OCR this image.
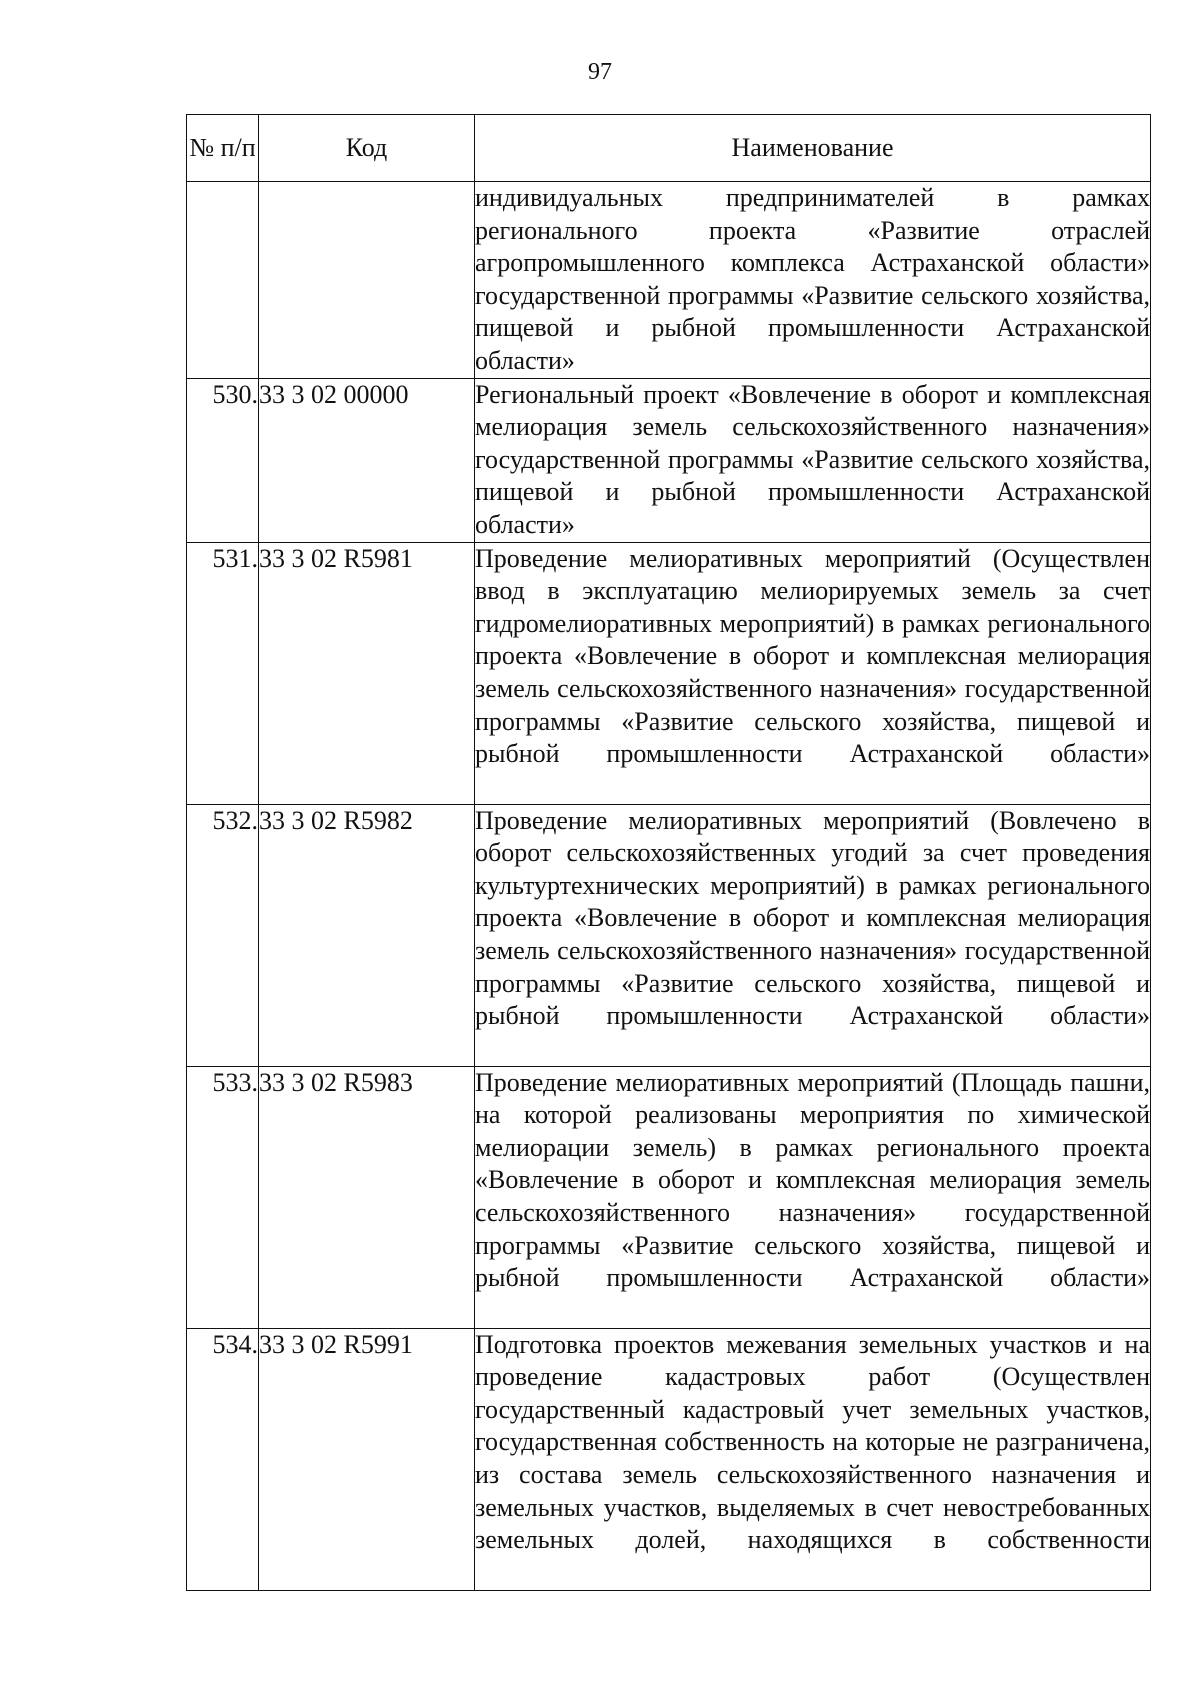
97
№ п/п	Код	Наименование
		индивидуальных предпринимателей в рамках регионального проекта «Развитие отраслей агропромышленного комплекса Астраханской области» государственной программы «Развитие сельского хозяйства, пищевой и рыбной промышленности Астраханской области»
530.	33 3 02 00000	Региональный проект «Вовлечение в оборот и комплексная мелиорация земель сельскохозяйственного назначения» государственной программы «Развитие сельского хозяйства, пищевой и рыбной промышленности Астраханской области»
531.	33 3 02 R5981	Проведение мелиоративных мероприятий (Осуществлен ввод в эксплуатацию мелиорируемых земель за счет гидромелиоративных мероприятий) в рамках регионального проекта «Вовлечение в оборот и комплексная мелиорация земель сельскохозяйственного назначения» государственной программы «Развитие сельского хозяйства, пищевой и рыбной промышленности Астраханской области»
532.	33 3 02 R5982	Проведение мелиоративных мероприятий (Вовлечено в оборот сельскохозяйственных угодий за счет проведения культуртехнических мероприятий) в рамках регионального проекта «Вовлечение в оборот и комплексная мелиорация земель сельскохозяйственного назначения» государственной программы «Развитие сельского хозяйства, пищевой и рыбной промышленности Астраханской области»
533.	33 3 02 R5983	Проведение мелиоративных мероприятий (Площадь пашни, на которой реализованы мероприятия по химической мелиорации земель) в рамках регионального проекта «Вовлечение в оборот и комплексная мелиорация земель сельскохозяйственного назначения» государственной программы «Развитие сельского хозяйства, пищевой и рыбной промышленности Астраханской области»
534.	33 3 02 R5991	Подготовка проектов межевания земельных участков и на проведение кадастровых работ (Осуществлен государственный кадастровый учет земельных участков, государственная собственность на которые не разграничена, из состава земель сельскохозяйственного назначения и земельных участков, выделяемых в счет невостребованных земельных долей, находящихся в собственности
